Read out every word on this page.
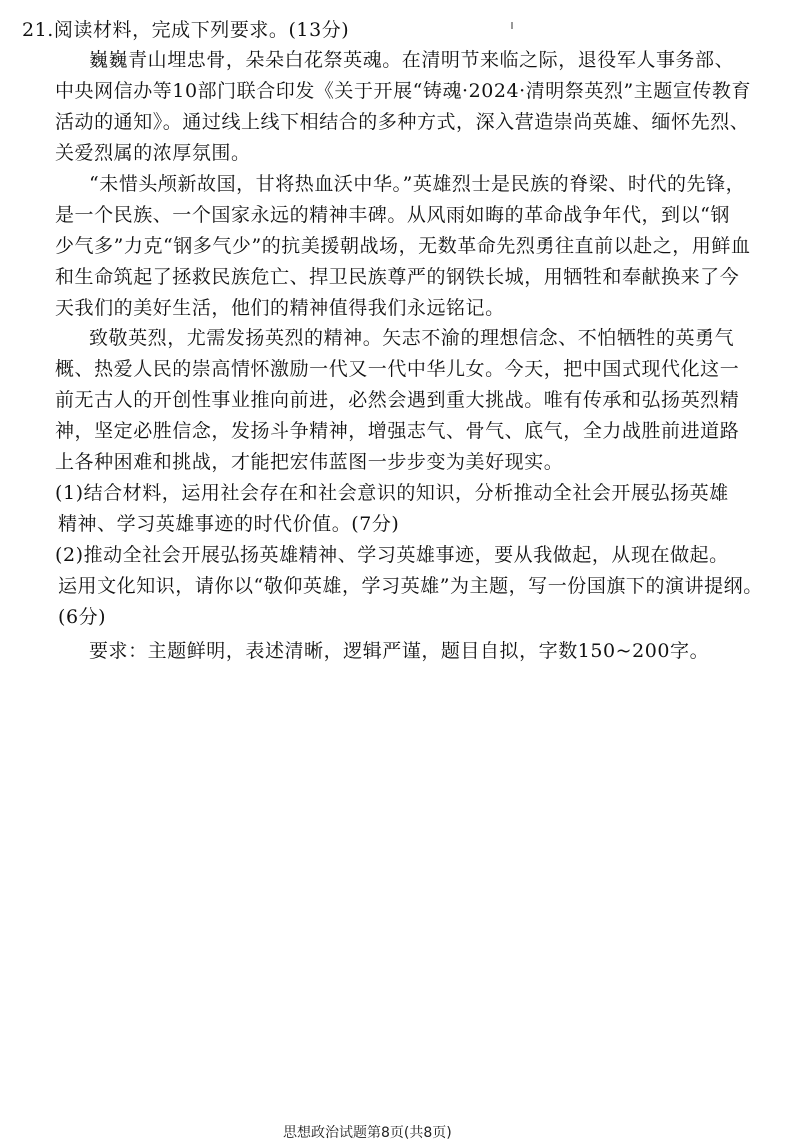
21.阅读材料，完成下列要求。(13分)
巍巍青山埋忠骨，朵朵白花祭英魂。在清明节来临之际，退役军人事务部、
中央网信办等10部门联合印发《关于开展“铸魂·2024·清明祭英烈”主题宣传教育
活动的通知》。通过线上线下相结合的多种方式，深入营造崇尚英雄、缅怀先烈、
关爱烈属的浓厚氛围。
“未惜头颅新故国，甘将热血沃中华。”英雄烈士是民族的脊梁、时代的先锋，
是一个民族、一个国家永远的精神丰碑。从风雨如晦的革命战争年代，到以“钢
少气多”力克“钢多气少”的抗美援朝战场，无数革命先烈勇往直前以赴之，用鲜血
和生命筑起了拯救民族危亡、捍卫民族尊严的钢铁长城，用牺牲和奉献换来了今
天我们的美好生活，他们的精神值得我们永远铭记。
致敬英烈，尤需发扬英烈的精神。矢志不渝的理想信念、不怕牺牲的英勇气
概、热爱人民的崇高情怀激励一代又一代中华儿女。今天，把中国式现代化这一
前无古人的开创性事业推向前进，必然会遇到重大挑战。唯有传承和弘扬英烈精
神，坚定必胜信念，发扬斗争精神，增强志气、骨气、底气，全力战胜前进道路
上各种困难和挑战，才能把宏伟蓝图一步步变为美好现实。
(1)结合材料，运用社会存在和社会意识的知识，分析推动全社会开展弘扬英雄
精神、学习英雄事迹的时代价值。(7分)
(2)推动全社会开展弘扬英雄精神、学习英雄事迹，要从我做起，从现在做起。
运用文化知识，请你以“敬仰英雄，学习英雄”为主题，写一份国旗下的演讲提纲。
(6分)
要求：主题鲜明，表述清晰，逻辑严谨，题目自拟，字数150~200字。
思想政治试题第8页(共8页)
